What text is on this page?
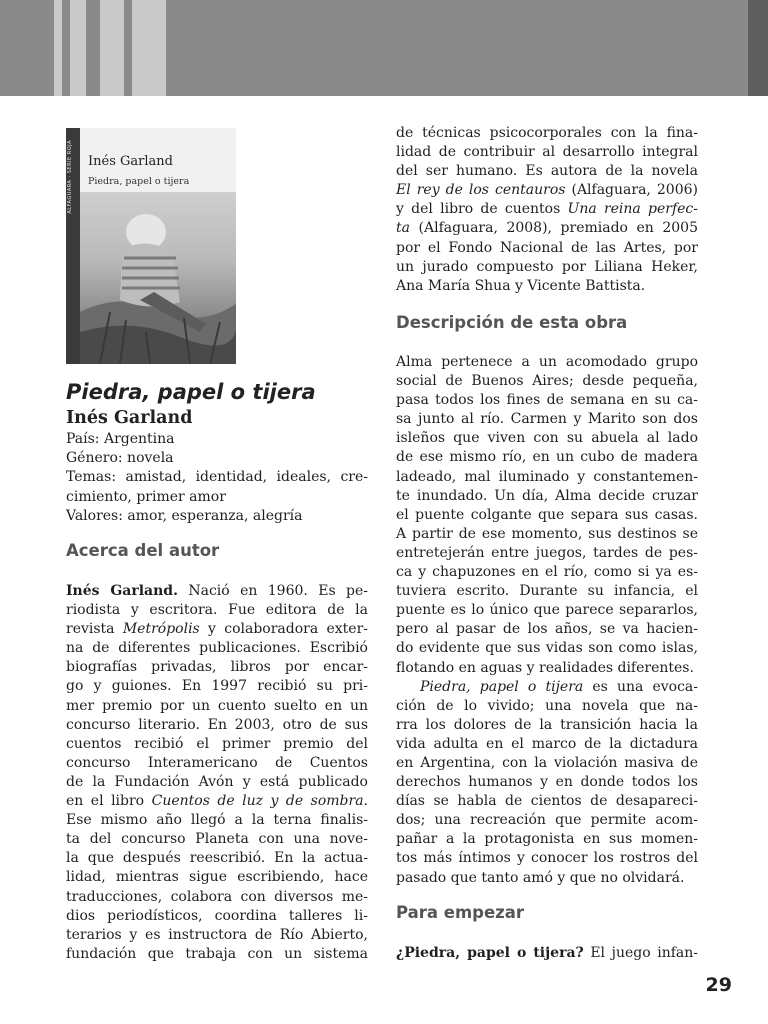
ALFAGUARA · SERIE ROJA	Inés Garland
Piedra, papel o tijera
Piedra, papel o tijera
Inés Garland
País: Argentina
Género: novela
Temas: amistad, identidad, ideales, cre-
cimiento, primer amor
Valores: amor, esperanza, alegría
Acerca del autor
Inés Garland. Nació en 1960. Es pe-
riodista y escritora. Fue editora de la
revista Metrópolis y colaboradora exter-
na de diferentes publicaciones. Escribió
biografías privadas, libros por encar-
go y guiones. En 1997 recibió su pri-
mer premio por un cuento suelto en un
concurso literario. En 2003, otro de sus
cuentos recibió el primer premio del
concurso Interamericano de Cuentos
de la Fundación Avón y está publicado
en el libro Cuentos de luz y de sombra.
Ese mismo año llegó a la terna finalis-
ta del concurso Planeta con una nove-
la que después reescribió. En la actua-
lidad, mientras sigue escribiendo, hace
traducciones, colabora con diversos me-
dios periodísticos, coordina talleres li-
terarios y es instructora de Río Abierto,
fundación que trabaja con un sistema
de técnicas psicocorporales con la fina-
lidad de contribuir al desarrollo integral
del ser humano. Es autora de la novela
El rey de los centauros (Alfaguara, 2006)
y del libro de cuentos Una reina perfec-
ta (Alfaguara, 2008), premiado en 2005
por el Fondo Nacional de las Artes, por
un jurado compuesto por Liliana Heker,
Ana María Shua y Vicente Battista.
Descripción de esta obra
Alma pertenece a un acomodado grupo
social de Buenos Aires; desde pequeña,
pasa todos los fines de semana en su ca-
sa junto al río. Carmen y Marito son dos
isleños que viven con su abuela al lado
de ese mismo río, en un cubo de madera
ladeado, mal iluminado y constantemen-
te inundado. Un día, Alma decide cruzar
el puente colgante que separa sus casas.
A partir de ese momento, sus destinos se
entretejerán entre juegos, tardes de pes-
ca y chapuzones en el río, como si ya es-
tuviera escrito. Durante su infancia, el
puente es lo único que parece separarlos,
pero al pasar de los años, se va hacien-
do evidente que sus vidas son como islas,
flotando en aguas y realidades diferentes.
Piedra, papel o tijera es una evoca-
ción de lo vivido; una novela que na-
rra los dolores de la transición hacia la
vida adulta en el marco de la dictadura
en Argentina, con la violación masiva de
derechos humanos y en donde todos los
días se habla de cientos de desapareci-
dos; una recreación que permite acom-
pañar a la protagonista en sus momen-
tos más íntimos y conocer los rostros del
pasado que tanto amó y que no olvidará.
Para empezar
¿Piedra, papel o tijera? El juego infan-
29
